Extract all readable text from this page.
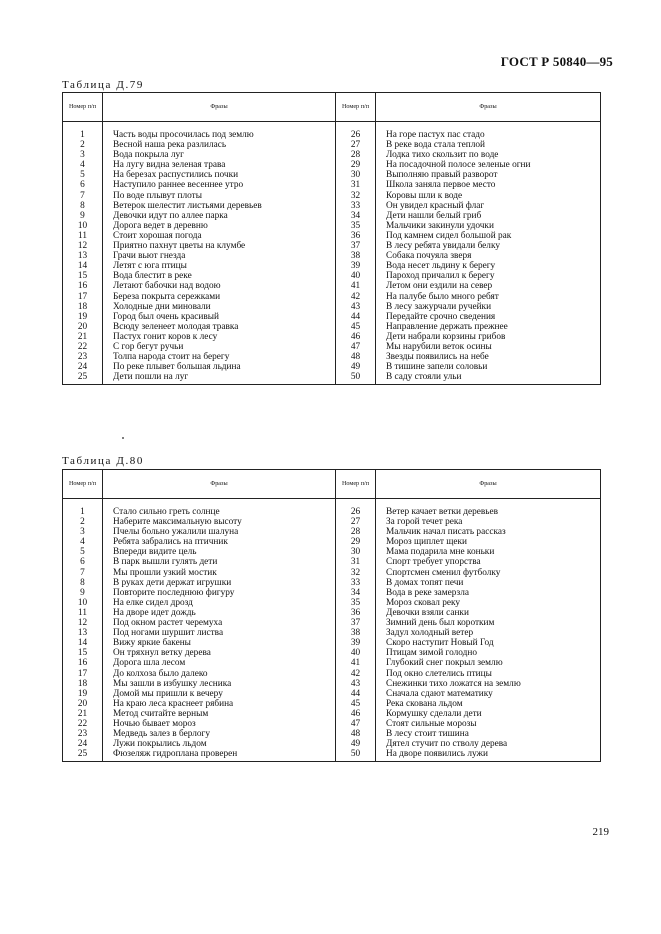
ГОСТ Р 50840—95
Таблица Д.79
Номер п/п	Фразы	Номер п/п	Фразы

1	Часть воды просочилась под землю	26	На горе пастух пас стадо
2	Весной наша река разлилась	27	В реке вода стала теплой
3	Вода покрыла луг	28	Лодка тихо скользит по воде
4	На лугу видна зеленая трава	29	На посадочной полосе зеленые огни
5	На березах распустились почки	30	Выполняю правый разворот
6	Наступило раннее весеннее утро	31	Школа заняла первое место
7	По воде плывут плоты	32	Коровы шли к воде
8	Ветерок шелестит листьями деревьев	33	Он увидел красный флаг
9	Девочки идут по аллее парка	34	Дети нашли белый гриб
10	Дорога ведет в деревню	35	Мальчики закинули удочки
11	Стоит хорошая погода	36	Под камнем сидел большой рак
12	Приятно пахнут цветы на клумбе	37	В лесу ребята увидали белку
13	Грачи вьют гнезда	38	Собака почуяла зверя
14	Летят с юга птицы	39	Вода несет льдину к берегу
15	Вода блестит в реке	40	Пароход причалил к берегу
16	Летают бабочки над водою	41	Летом они ездили на север
17	Береза покрыта сережками	42	На палубе было много ребят
18	Холодные дни миновали	43	В лесу зажурчали ручейки
19	Город был очень красивый	44	Передайте срочно сведения
20	Всюду зеленеет молодая травка	45	Направление держать прежнее
21	Пастух гонит коров к лесу	46	Дети набрали корзины грибов
22	С гор бегут ручьи	47	Мы нарубили веток осины
23	Толпа народа стоит на берегу	48	Звезды появились на небе
24	По реке плывет большая льдина	49	В тишине запели соловьи
25	Дети пошли на луг	50	В саду стояли ульи
Таблица Д.80
Номер п/п	Фразы	Номер п/п	Фразы

1	Стало сильно греть солнце	26	Ветер качает ветки деревьев
2	Наберите максимальную высоту	27	За горой течет река
3	Пчелы больно ужалили шалуна	28	Мальчик начал писать рассказ
4	Ребята забрались на птичник	29	Мороз щиплет щеки
5	Впереди видите цель	30	Мама подарила мне коньки
6	В парк вышли гулять дети	31	Спорт требует упорства
7	Мы прошли узкий мостик	32	Спортсмен сменил футболку
8	В руках дети держат игрушки	33	В домах топят печи
9	Повторите последнюю фигуру	34	Вода в реке замерзла
10	На елке сидел дрозд	35	Мороз сковал реку
11	На дворе идет дождь	36	Девочки взяли санки
12	Под окном растет черемуха	37	Зимний день был коротким
13	Под ногами шуршит листва	38	Задул холодный ветер
14	Вижу яркие бакены	39	Скоро наступит Новый Год
15	Он тряхнул ветку дерева	40	Птицам зимой голодно
16	Дорога шла лесом	41	Глубокий снег покрыл землю
17	До колхоза было далеко	42	Под окно слетелись птицы
18	Мы зашли в избушку лесника	43	Снежинки тихо ложатся на землю
19	Домой мы пришли к вечеру	44	Сначала сдают математику
20	На краю леса краснеет рябина	45	Река скована льдом
21	Метод считайте верным	46	Кормушку сделали дети
22	Ночью бывает мороз	47	Стоят сильные морозы
23	Медведь залез в берлогу	48	В лесу стоит тишина
24	Лужи покрылись льдом	49	Дятел стучит по стволу дерева
25	Фюзеляж гидроплана проверен	50	На дворе появились лужи
219
